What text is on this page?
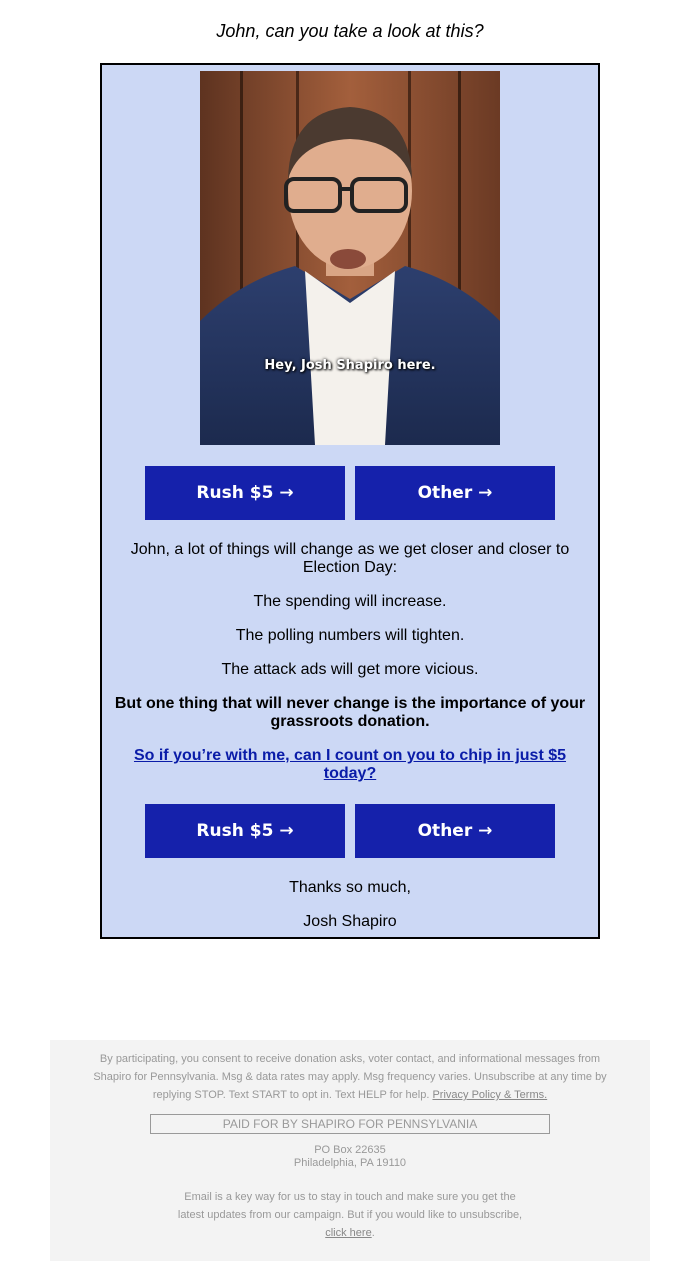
John, can you take a look at this?
Hey, Josh Shapiro here.
Rush $5 →	Other →
John, a lot of things will change as we get closer and closer to Election Day:
The spending will increase.
The polling numbers will tighten.
The attack ads will get more vicious.
But one thing that will never change is the importance of your grassroots donation.
So if you’re with me, can I count on you to chip in just $5 today?
Rush $5 →	Other →
Thanks so much,
Josh Shapiro
By participating, you consent to receive donation asks, voter contact, and informational messages from Shapiro for Pennsylvania. Msg & data rates may apply. Msg frequency varies. Unsubscribe at any time by replying STOP. Text START to opt in. Text HELP for help. Privacy Policy & Terms.
PAID FOR BY SHAPIRO FOR PENNSYLVANIA
PO Box 22635
Philadelphia, PA 19110
Email is a key way for us to stay in touch and make sure you get the latest updates from our campaign. But if you would like to unsubscribe, click here.
